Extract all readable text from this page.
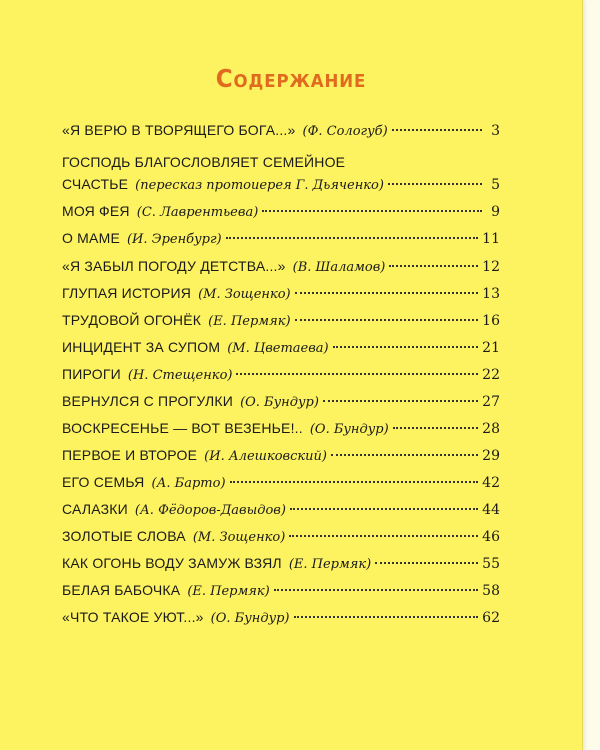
Содержание
«Я ВЕРЮ В ТВОРЯЩЕГО БОГА...» (Ф. Сологуб)	3
ГОСПОДЬ БЛАГОСЛОВЛЯЕТ СЕМЕЙНОЕ
СЧАСТЬЕ (пересказ протоиерея Г. Дьяченко)	5
МОЯ ФЕЯ (С. Лаврентьева)	9
О МАМЕ (И. Эренбург)	11
«Я ЗАБЫЛ ПОГОДУ ДЕТСТВА...» (В. Шаламов)	12
ГЛУПАЯ ИСТОРИЯ (М. Зощенко)	13
ТРУДОВОЙ ОГОНЁК (Е. Пермяк)	16
ИНЦИДЕНТ ЗА СУПОМ (М. Цветаева)	21
ПИРОГИ (Н. Стещенко)	22
ВЕРНУЛСЯ С ПРОГУЛКИ (О. Бундур)	27
ВОСКРЕСЕНЬЕ — ВОТ ВЕЗЕНЬЕ!.. (О. Бундур)	28
ПЕРВОЕ И ВТОРОЕ (И. Алешковский)	29
ЕГО СЕМЬЯ (А. Барто)	42
САЛАЗКИ (А. Фёдоров-Давыдов)	44
ЗОЛОТЫЕ СЛОВА (М. Зощенко)	46
КАК ОГОНЬ ВОДУ ЗАМУЖ ВЗЯЛ (Е. Пермяк)	55
БЕЛАЯ БАБОЧКА (Е. Пермяк)	58
«ЧТО ТАКОЕ УЮТ...» (О. Бундур)	62
